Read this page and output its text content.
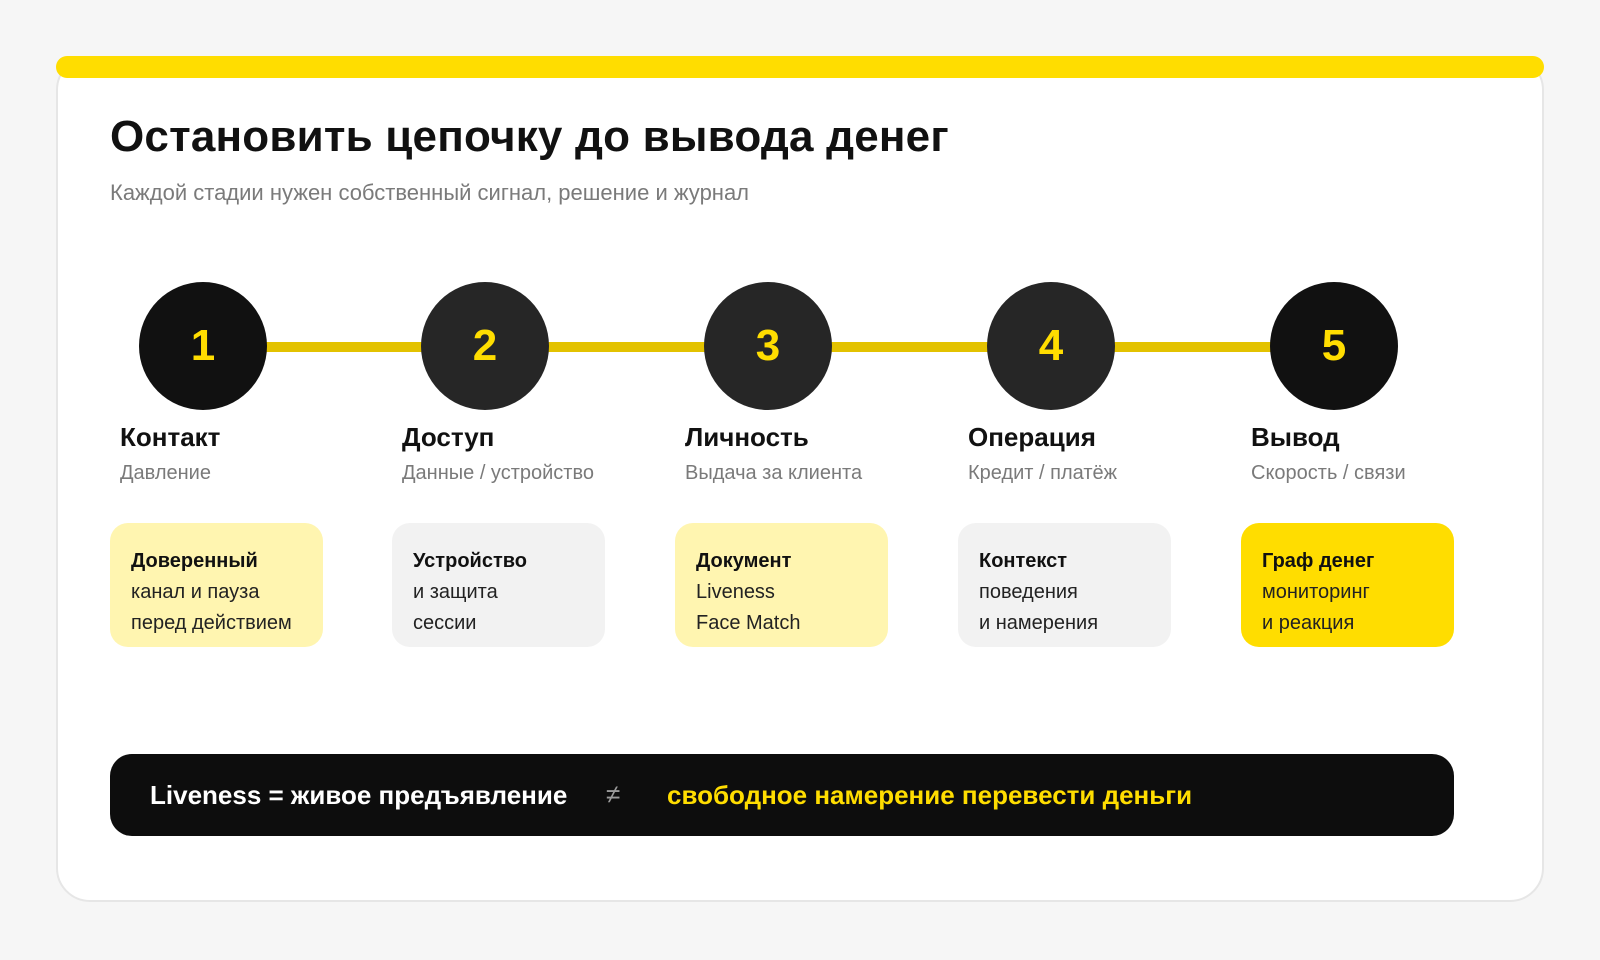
Остановить цепочку до вывода денег
Каждой стадии нужен собственный сигнал, решение и журнал
1
Контакт
Давление
Доверенный
канал и пауза
перед действием
2
Доступ
Данные / устройство
Устройство
и защита
сессии
3
Личность
Выдача за клиента
Документ
Liveness
Face Match
4
Операция
Кредит / платёж
Контекст
поведения
и намерения
5
Вывод
Скорость / связи
Граф денег
мониторинг
и реакция
Liveness = живое предъявление ≠ свободное намерение перевести деньги
